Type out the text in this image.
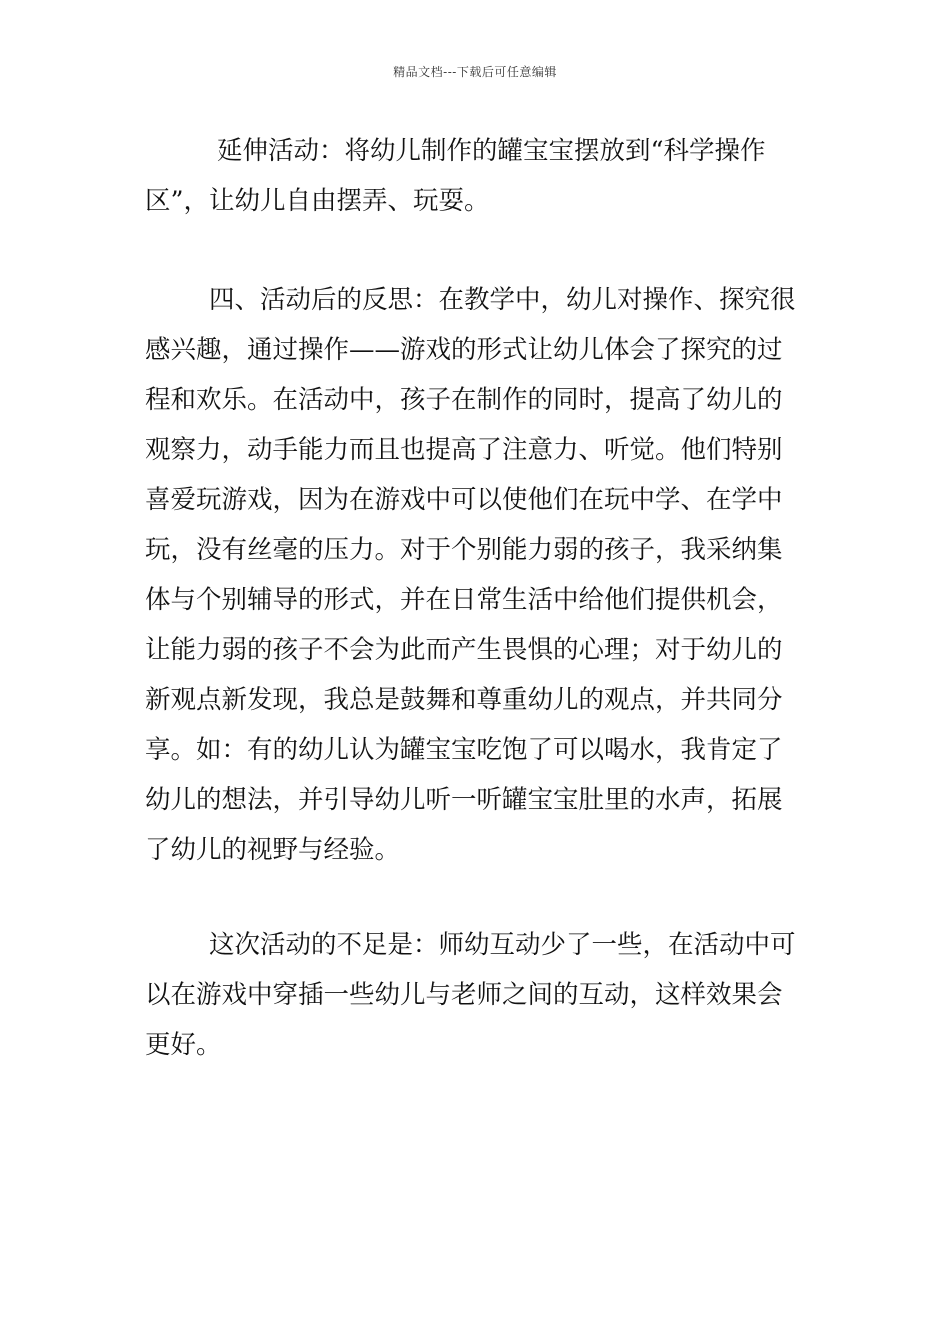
精品文档---下载后可任意编辑
延伸活动：将幼儿制作的罐宝宝摆放到“科学操作
区”，让幼儿自由摆弄、玩耍。
四、活动后的反思：在教学中，幼儿对操作、探究很
感兴趣，通过操作——游戏的形式让幼儿体会了探究的过
程和欢乐。在活动中，孩子在制作的同时，提高了幼儿的
观察力，动手能力而且也提高了注意力、听觉。他们特别
喜爱玩游戏，因为在游戏中可以使他们在玩中学、在学中
玩，没有丝毫的压力。对于个别能力弱的孩子，我采纳集
体与个别辅导的形式，并在日常生活中给他们提供机会，
让能力弱的孩子不会为此而产生畏惧的心理；对于幼儿的
新观点新发现，我总是鼓舞和尊重幼儿的观点，并共同分
享。如：有的幼儿认为罐宝宝吃饱了可以喝水，我肯定了
幼儿的想法，并引导幼儿听一听罐宝宝肚里的水声，拓展
了幼儿的视野与经验。
这次活动的不足是：师幼互动少了一些，在活动中可
以在游戏中穿插一些幼儿与老师之间的互动，这样效果会
更好。
